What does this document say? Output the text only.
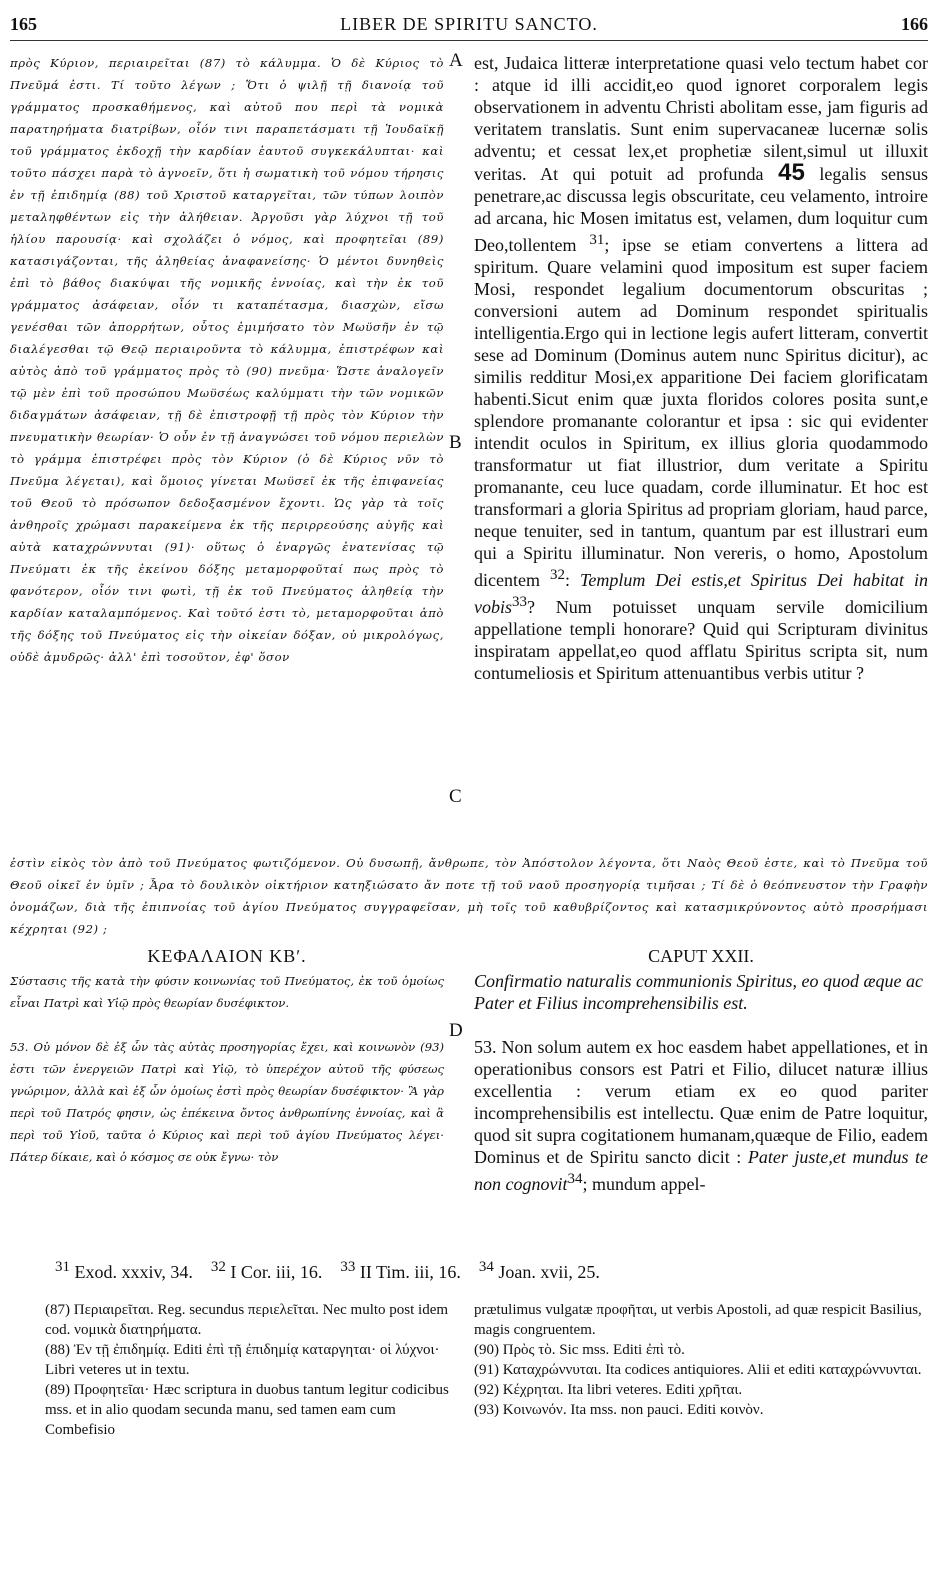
165	LIBER DE SPIRITU SANCTO.	166

πρὸς Κύριον, περιαιρεῖται (87) τὸ κάλυμμα. Ὁ δὲ Κύριος τὸ Πνεῦμά ἐστι. Τί τοῦτο λέγων ; Ὅτι ὁ ψιλῇ τῇ διανοίᾳ τοῦ γράμματος προσκαθήμενος, καὶ αὐτοῦ που περὶ τὰ νομικὰ παρατηρήματα διατρίβων, οἷόν τινι παραπετάσματι τῇ Ἰουδαϊκῇ τοῦ γράμματος ἐκδοχῇ τὴν καρδίαν ἑαυτοῦ συγκεκάλυπται· καὶ τοῦτο πάσχει παρὰ τὸ ἀγνοεῖν, ὅτι ἡ σωματικὴ τοῦ νόμου τήρησις ἐν τῇ ἐπιδημίᾳ (88) τοῦ Χριστοῦ καταργεῖται, τῶν τύπων λοιπὸν μεταληφθέντων εἰς τὴν ἀλήθειαν. Ἀργοῦσι γὰρ λύχνοι τῇ τοῦ ἡλίου παρουσίᾳ· καὶ σχολάζει ὁ νόμος, καὶ προφητεῖαι (89) κατασιγάζονται, τῆς ἀληθείας ἀναφανείσης· Ὁ μέντοι δυνηθεὶς ἐπὶ τὸ βάθος διακύψαι τῆς νομικῆς ἐννοίας, καὶ τὴν ἐκ τοῦ γράμματος ἀσάφειαν, οἷόν τι καταπέτασμα, διασχὼν, εἴσω γενέσθαι τῶν ἀπορρήτων, οὗτος ἐμιμήσατο τὸν Μωϋσῆν ἐν τῷ διαλέγεσθαι τῷ Θεῷ περιαιροῦντα τὸ κάλυμμα, ἐπιστρέφων καὶ αὐτὸς ἀπὸ τοῦ γράμματος πρὸς τὸ (90) πνεῦμα· Ὥστε ἀναλογεῖν τῷ μὲν ἐπὶ τοῦ προσώπου Μωϋσέως καλύμματι τὴν τῶν νομικῶν διδαγμάτων ἀσάφειαν, τῇ δὲ ἐπιστροφῇ τῇ πρὸς τὸν Κύριον τὴν πνευματικὴν θεωρίαν· Ὁ οὖν ἐν τῇ ἀναγνώσει τοῦ νόμου περιελὼν τὸ γράμμα ἐπιστρέφει πρὸς τὸν Κύριον (ὁ δὲ Κύριος νῦν τὸ Πνεῦμα λέγεται), καὶ ὅμοιος γίνεται Μωϋσεῖ ἐκ τῆς ἐπιφανείας τοῦ Θεοῦ τὸ πρόσωπον δεδοξασμένον ἔχοντι. Ὡς γὰρ τὰ τοῖς ἀνθηροῖς χρώμασι παρακείμενα ἐκ τῆς περιρρεούσης αὐγῆς καὶ αὐτὰ καταχρώννυται (91)· οὕτως ὁ ἐναργῶς ἐνατενίσας τῷ Πνεύματι ἐκ τῆς ἐκείνου δόξης μεταμορφοῦταί πως πρὸς τὸ φανότερον, οἷόν τινι φωτὶ, τῇ ἐκ τοῦ Πνεύματος ἀληθείᾳ τὴν καρδίαν καταλαμπόμενος. Καὶ τοῦτό ἐστι τὸ, μεταμορφοῦται ἀπὸ τῆς δόξης τοῦ Πνεύματος εἰς τὴν οἰκείαν δόξαν, οὐ μικρολόγως, οὐδὲ ἀμυδρῶς· ἀλλ' ἐπὶ τοσοῦτον, ἐφ' ὅσον

est, Judaica litteræ interpretatione quasi velo tectum habet cor : atque id illi accidit,eo quod ignoret corporalem legis observationem in adventu Christi abolitam esse, jam figuris ad veritatem translatis. Sunt enim supervacaneæ lucernæ solis adventu; et cessat lex,et prophetiæ silent,simul ut illuxit veritas. At qui potuit ad profunda 45 legalis sensus penetrare,ac discussa legis obscuritate, ceu velamento, introire ad arcana, hic Mosen imitatus est, velamen, dum loquitur cum Deo,tollentem $^{31}$; ipse se etiam convertens a littera ad spiritum. Quare velamini quod impositum est super faciem Mosi, respondet legalium documentorum obscuritas ; conversioni autem ad Dominum respondet spiritualis intelligentia.Ergo qui in lectione legis aufert litteram, convertit sese ad Dominum (Dominus autem nunc Spiritus dicitur), ac similis redditur Mosi,ex apparitione Dei faciem glorificatam habenti.Sicut enim quæ juxta floridos colores posita sunt,e splendore promanante colorantur et ipsa : sic qui evidenter intendit oculos in Spiritum, ex illius gloria quodammodo transformatur ut fiat illustrior, dum veritate a Spiritu promanante, ceu luce quadam, corde illuminatur. Et hoc est transformari a gloria Spiritus ad propriam gloriam, haud parce, neque tenuiter, sed in tantum, quantum par est illustrari eum qui a Spiritu illuminatur. Non vereris, o homo, Apostolum dicentem $^{32}$: Templum Dei estis,et Spiritus Dei habitat in vobis$^{33}$? Num potuisset unquam servile domicilium appellatione templi honorare? Quid qui Scripturam divinitus inspiratam appellat,eo quod afflatu Spiritus scripta sit, num contumeliosis et Spiritum attenuantibus verbis utitur ?

A
B
C
D

ἐστὶν εἰκὸς τὸν ἀπὸ τοῦ Πνεύματος φωτιζόμενον. Οὐ δυσωπῇ, ἄνθρωπε, τὸν Ἀπόστολον λέγοντα, ὅτι Ναὸς Θεοῦ ἐστε, καὶ τὸ Πνεῦμα τοῦ Θεοῦ οἰκεῖ ἐν ὑμῖν ; Ἆρα τὸ δουλικὸν οἰκτήριον κατηξιώσατο ἄν ποτε τῇ τοῦ ναοῦ προσηγορίᾳ τιμῆσαι ; Τί δὲ ὁ θεόπνευστον τὴν Γραφὴν ὀνομάζων, διὰ τῆς ἐπιπνοίας τοῦ ἁγίου Πνεύματος συγγραφεῖσαν, μὴ τοῖς τοῦ καθυβρίζοντος καὶ κατασμικρύνοντος αὐτὸ προσρήμασι κέχρηται (92) ;

ΚΕΦΑΛΑΙΟΝ ΚΒʹ.

Σύστασις τῆς κατὰ τὴν φύσιν κοινωνίας τοῦ Πνεύματος, ἐκ τοῦ ὁμοίως εἶναι Πατρὶ καὶ Υἱῷ πρὸς θεωρίαν δυσέφικτον.

53. Οὐ μόνον δὲ ἐξ ὧν τὰς αὐτὰς προσηγορίας ἔχει, καὶ κοινωνὸν (93) ἐστι τῶν ἐνεργειῶν Πατρὶ καὶ Υἱῷ, τὸ ὑπερέχον αὐτοῦ τῆς φύσεως γνώριμον, ἀλλὰ καὶ ἐξ ὧν ὁμοίως ἐστὶ πρὸς θεωρίαν δυσέφικτον· Ἃ γὰρ περὶ τοῦ Πατρός φησιν, ὡς ἐπέκεινα ὄντος ἀνθρωπίνης ἐννοίας, καὶ ἃ περὶ τοῦ Υἱοῦ, ταῦτα ὁ Κύριος καὶ περὶ τοῦ ἁγίου Πνεύματος λέγει· Πάτερ δίκαιε, καὶ ὁ κόσμος σε οὐκ ἔγνω· τὸν

CAPUT XXII.

Confirmatio naturalis communionis Spiritus, eo quod æque ac Pater et Filius incomprehensibilis est.

53. Non solum autem ex hoc easdem habet appellationes, et in operationibus consors est Patri et Filio, dilucet naturæ illius excellentia : verum etiam ex eo quod pariter incomprehensibilis est intellectu. Quæ enim de Patre loquitur, quod sit supra cogitationem humanam,quæque de Filio, eadem Dominus et de Spiritu sancto dicit : Pater juste,et mundus te non cognovit$^{34}$; mundum appel-

$^{31}$ Exod. xxxiv, 34. $^{32}$ I Cor. iii, 16. $^{33}$ II Tim. iii, 16. $^{34}$ Joan. xvii, 25.

(87) Περιαιρεῖται. Reg. secundus περιελεῖται. Nec multo post idem cod. νομικὰ διατηρήματα.

(88) Ἐν τῇ ἐπιδημίᾳ. Editi ἐπὶ τῇ ἐπιδημίᾳ καταργηται· οἱ λύχνοι· Libri veteres ut in textu.

(89) Προφητεῖαι· Hæc scriptura in duobus tantum legitur codicibus mss. et in alio quodam secunda manu, sed tamen eam cum Combefisio

prætulimus vulgatæ προφῆται, ut verbis Apostoli, ad quæ respicit Basilius, magis congruentem.

(90) Πρὸς τὸ. Sic mss. Editi ἐπὶ τὸ.

(91) Καταχρώννυται. Ita codices antiquiores. Alii et editi καταχρώννυνται.

(92) Κέχρηται. Ita libri veteres. Editi χρῆται.

(93) Κοινωνόν. Ita mss. non pauci. Editi κοινὸν.
